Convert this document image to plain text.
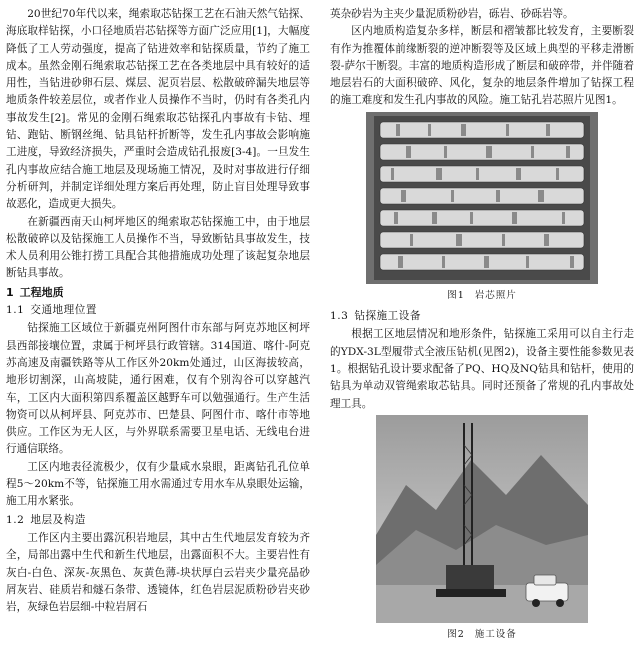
20世纪70年代以来，绳索取芯钻探工艺在石油天然气钻探、海底取样钻探，小口径地质岩芯钻探等方面广泛应用[1]，大幅度降低了工人劳动强度，提高了钻进效率和钻探质量，节约了施工成本。虽然金刚石绳索取芯钻探工艺在各类地层中具有较好的适用性，当钻进砂卵石层、煤层、泥页岩层、松散破碎漏失地层等地质条件较差层位，或者作业人员操作不当时，仍时有各类孔内事故发生[2]。常见的金刚石绳索取芯钻探孔内事故有卡钻、埋钻、跑钻、断钢丝绳、钻具钻杆折断等，发生孔内事故会影响施工进度，导致经济损失，严重时会造成钻孔报废[3-4]。一旦发生孔内事故应结合施工地层及现场施工情况，及时对事故进行仔细分析研判，并制定详细处理方案后再处理，防止盲目处理导致事故恶化，造成更大损失。

在新疆西南天山柯坪地区的绳索取芯钻探施工中，由于地层松散破碎以及钻探施工人员操作不当，导致断钻具事故发生，技术人员利用公锥打捞工具配合其他措施成功处理了该起复杂地层断钻具事故。

1 工程地质
1.1 交通地理位置

钻探施工区域位于新疆克州阿图什市东部与阿克苏地区柯坪县西部接壤位置，隶属于柯坪县行政管辖。314国道、喀什-阿克苏高速及南疆铁路等从工作区外20km处通过，山区海拔较高，地形切割深，山高坡陡，通行困难，仅有个别沟谷可以穿越汽车，工区内大面积第四系覆盖区越野车可以勉强通行。生产生活物资可以从柯坪县、阿克苏市、巴楚县、阿图什市、喀什市等地供应。工作区为无人区，与外界联系需要卫星电话、无线电台进行通信联络。

工区内地表径流极少，仅有少量咸水泉眼，距离钻孔孔位单程5～20km不等，钻探施工用水需通过专用水车从泉眼处运输，施工用水紧张。

1.2 地层及构造

工作区内主要出露沉积岩地层，其中古生代地层发育较为齐全，局部出露中生代和新生代地层，出露面积不大。主要岩性有灰白-白色、深灰-灰黑色、灰黄色薄-块状厚白云岩夹少量亮晶砂屑灰岩、硅质岩和燧石条带、透镜体，红色岩层泥质粉砂岩夹砂岩，灰绿色岩层细-中粒岩屑石

英杂砂岩为主夹少量泥质粉砂岩，砾岩、砂砾岩等。

区内地质构造复杂多样，断层和褶皱都比较发育，主要断裂有作为推覆体前缘断裂的逆冲断裂等及区域上典型的平移走滑断裂-萨尔干断裂。丰富的地质构造形成了断层和破碎带，并伴随着地层岩石的大面积破碎、风化，复杂的地层条件增加了钻探工程的施工难度和发生孔内事故的风险。施工钻孔岩芯照片见图1。

图1 岩芯照片
1.3 钻探施工设备

根据工区地层情况和地形条件，钻探施工采用可以自主行走的YDX-3L型履带式全液压钻机(见图2)，设备主要性能参数见表1。根据钻孔设计要求配备了PQ、HQ及NQ钻具和钻杆，使用的钻具为单动双管绳索取芯钻具。同时还预备了常规的孔内事故处理工具。

图2 施工设备
